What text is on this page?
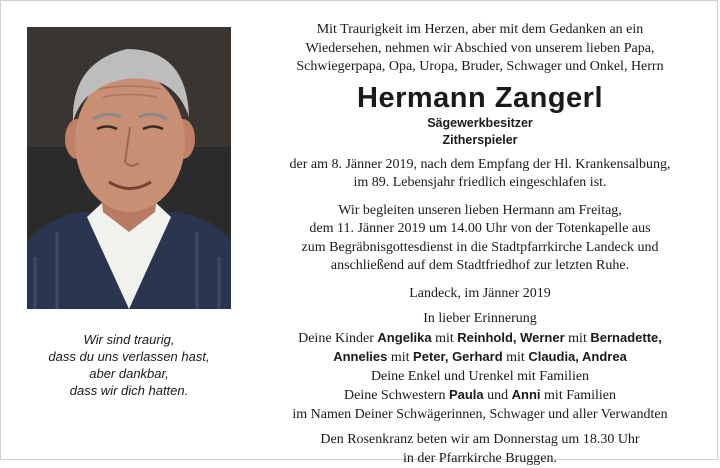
Wir sind traurig,
dass du uns verlassen hast,
aber dankbar,
dass wir dich hatten.
Mit Traurigkeit im Herzen, aber mit dem Gedanken an ein
Wiedersehen, nehmen wir Abschied von unserem lieben Papa,
Schwiegerpapa, Opa, Uropa, Bruder, Schwager und Onkel, Herrn
Hermann Zangerl
Sägewerkbesitzer
Zitherspieler
der am 8. Jänner 2019, nach dem Empfang der Hl. Krankensalbung,
im 89. Lebensjahr friedlich eingeschlafen ist.
Wir begleiten unseren lieben Hermann am Freitag,
dem 11. Jänner 2019 um 14.00 Uhr von der Totenkapelle aus
zum Begräbnisgottesdienst in die Stadtpfarrkirche Landeck und
anschließend auf dem Stadtfriedhof zur letzten Ruhe.
Landeck, im Jänner 2019
In lieber Erinnerung
Deine Kinder Angelika mit Reinhold, Werner mit Bernadette,
Annelies mit Peter, Gerhard mit Claudia, Andrea
Deine Enkel und Urenkel mit Familien
Deine Schwestern Paula und Anni mit Familien
im Namen Deiner Schwägerinnen, Schwager und aller Verwandten
Den Rosenkranz beten wir am Donnerstag um 18.30 Uhr
in der Pfarrkirche Bruggen.
